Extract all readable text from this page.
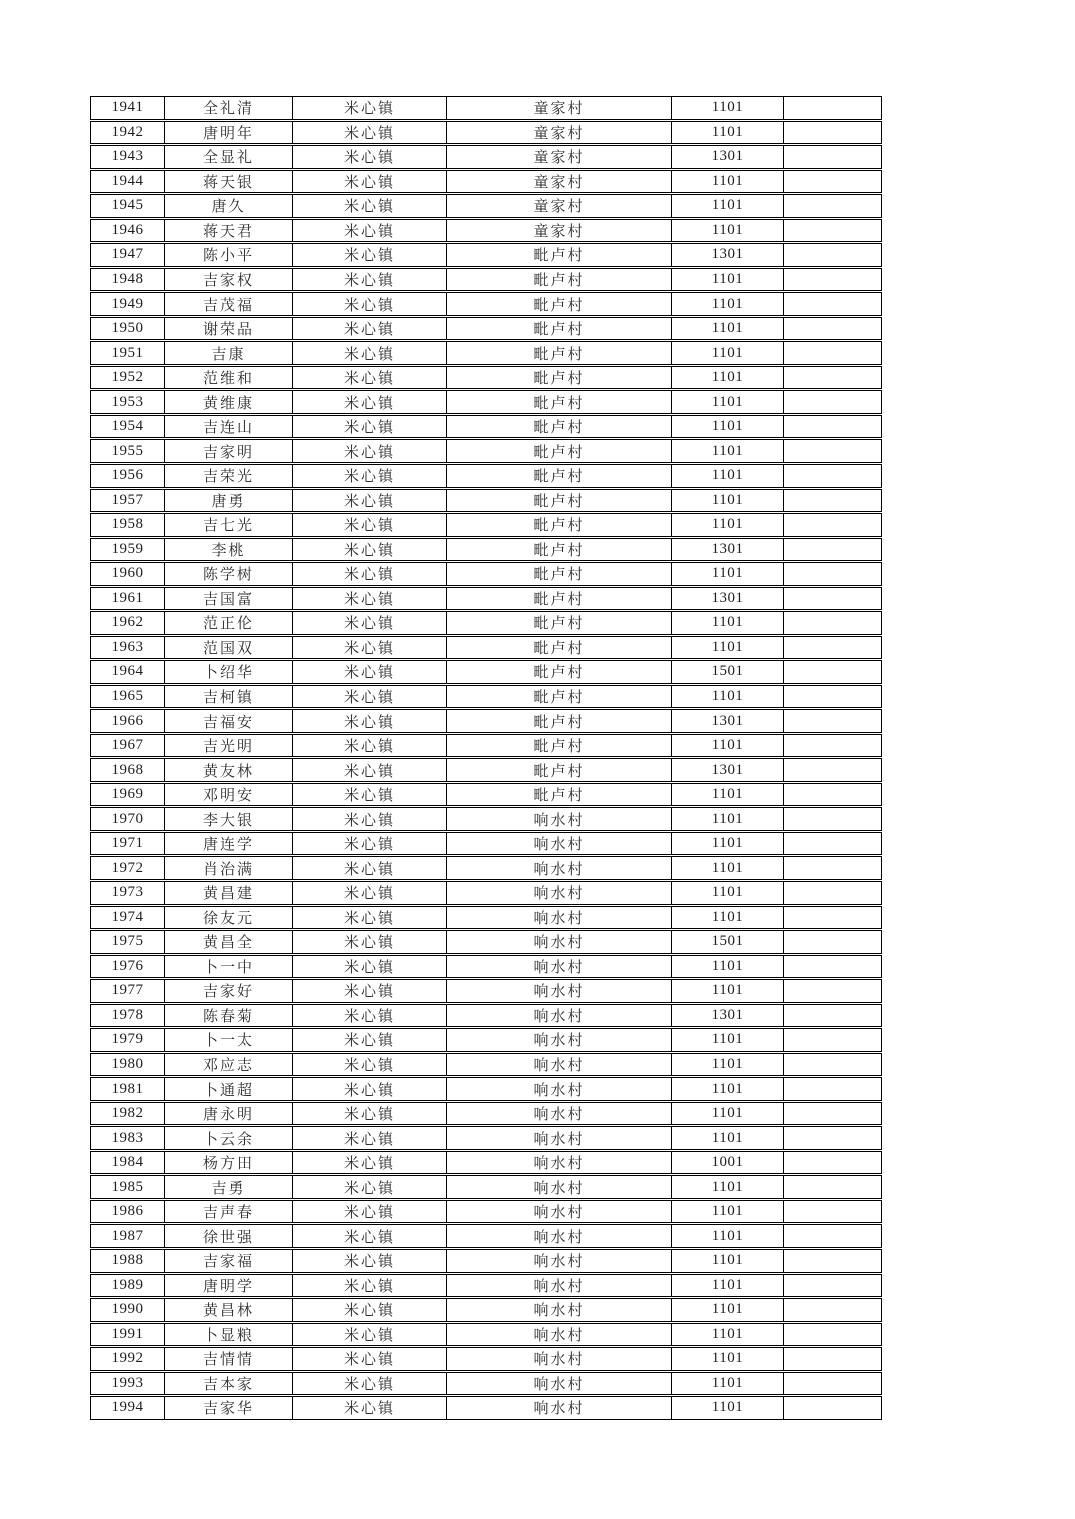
1941	全礼清	米心镇	童家村	1101
1942	唐明年	米心镇	童家村	1101
1943	全显礼	米心镇	童家村	1301
1944	蒋天银	米心镇	童家村	1101
1945	唐久	米心镇	童家村	1101
1946	蒋天君	米心镇	童家村	1101
1947	陈小平	米心镇	毗卢村	1301
1948	吉家权	米心镇	毗卢村	1101
1949	吉茂福	米心镇	毗卢村	1101
1950	谢荣品	米心镇	毗卢村	1101
1951	吉康	米心镇	毗卢村	1101
1952	范维和	米心镇	毗卢村	1101
1953	黄维康	米心镇	毗卢村	1101
1954	吉连山	米心镇	毗卢村	1101
1955	吉家明	米心镇	毗卢村	1101
1956	吉荣光	米心镇	毗卢村	1101
1957	唐勇	米心镇	毗卢村	1101
1958	吉七光	米心镇	毗卢村	1101
1959	李桃	米心镇	毗卢村	1301
1960	陈学树	米心镇	毗卢村	1101
1961	吉国富	米心镇	毗卢村	1301
1962	范正伦	米心镇	毗卢村	1101
1963	范国双	米心镇	毗卢村	1101
1964	卜绍华	米心镇	毗卢村	1501
1965	吉柯镇	米心镇	毗卢村	1101
1966	吉福安	米心镇	毗卢村	1301
1967	吉光明	米心镇	毗卢村	1101
1968	黄友林	米心镇	毗卢村	1301
1969	邓明安	米心镇	毗卢村	1101
1970	李大银	米心镇	响水村	1101
1971	唐连学	米心镇	响水村	1101
1972	肖治满	米心镇	响水村	1101
1973	黄昌建	米心镇	响水村	1101
1974	徐友元	米心镇	响水村	1101
1975	黄昌全	米心镇	响水村	1501
1976	卜一中	米心镇	响水村	1101
1977	吉家好	米心镇	响水村	1101
1978	陈春菊	米心镇	响水村	1301
1979	卜一太	米心镇	响水村	1101
1980	邓应志	米心镇	响水村	1101
1981	卜通超	米心镇	响水村	1101
1982	唐永明	米心镇	响水村	1101
1983	卜云余	米心镇	响水村	1101
1984	杨方田	米心镇	响水村	1001
1985	吉勇	米心镇	响水村	1101
1986	吉声春	米心镇	响水村	1101
1987	徐世强	米心镇	响水村	1101
1988	吉家福	米心镇	响水村	1101
1989	唐明学	米心镇	响水村	1101
1990	黄昌林	米心镇	响水村	1101
1991	卜显粮	米心镇	响水村	1101
1992	吉情情	米心镇	响水村	1101
1993	吉本家	米心镇	响水村	1101
1994	吉家华	米心镇	响水村	1101
